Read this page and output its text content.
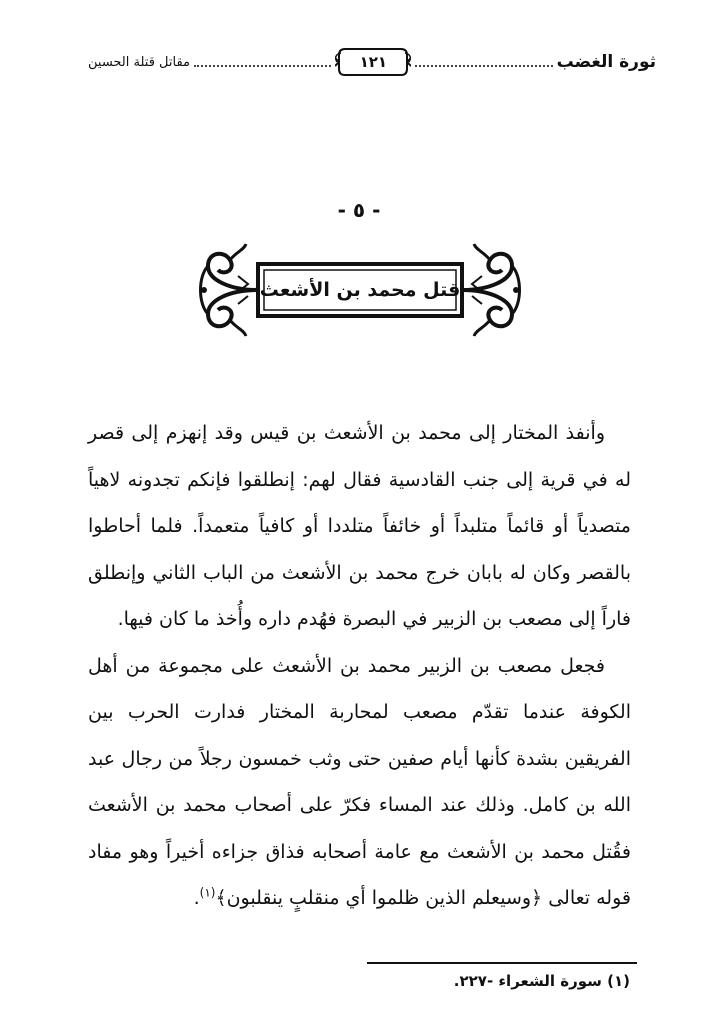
ثورة الغضب
١٢١
مقاتل قتلة الحسين
- ٥ -
قتل محمد بن الأشعث

وأنفذ المختار إلى محمد بن الأشعث بن قيس وقد إنهزم إلى قصر له في قرية إلى جنب القادسية فقال لهم: إنطلقوا فإنكم تجدونه لاهياً متصدياً أو قائماً متلبداً أو خائفاً متلددا أو كافياً متعمداً. فلما أحاطوا بالقصر وكان له بابان خرج محمد بن الأشعث من الباب الثاني وإنطلق فاراً إلى مصعب بن الزبير في البصرة فهُدم داره وأُخذ ما كان فيها.

فجعل مصعب بن الزبير محمد بن الأشعث على مجموعة من أهل الكوفة عندما تقدّم مصعب لمحاربة المختار فدارت الحرب بين الفريقين بشدة كأنها أيام صفين حتى وثب خمسون رجلاً من رجال عبد الله بن كامل. وذلك عند المساء فكرّ على أصحاب محمد بن الأشعث فقُتل محمد بن الأشعث مع عامة أصحابه فذاق جزاءه أخيراً وهو مفاد قوله تعالى ﴿وسيعلم الذين ظلموا أي منقلبٍ ينقلبون﴾$^{(١)}$.

(١) سورة الشعراء -٢٢٧.
